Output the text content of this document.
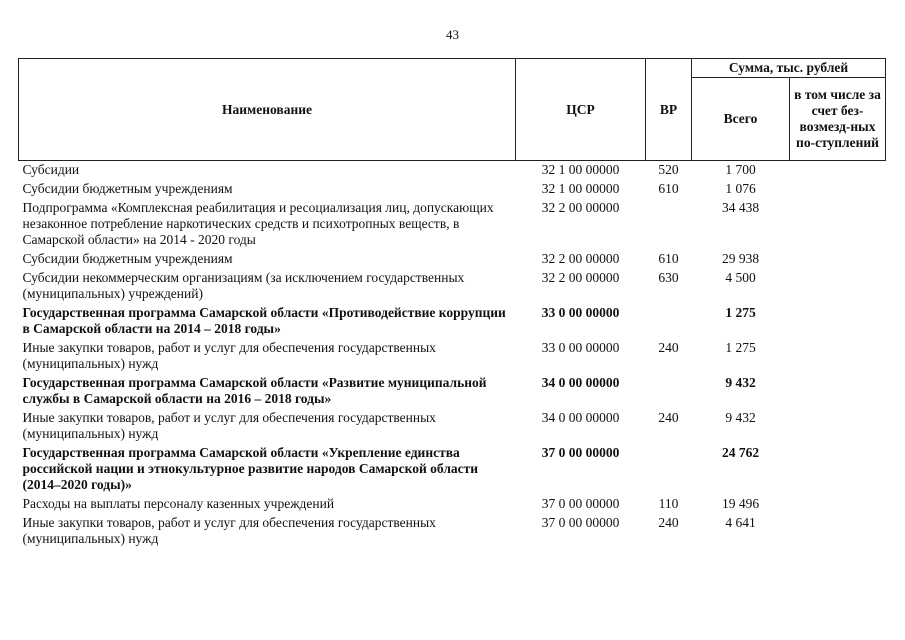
43
Наименование	ЦСР	ВР	Сумма, тыс. рублей	
			Всего	в том числе за счет без-возмезд-ных по-ступлений
Субсидии	32 1 00 00000	520	1 700	
Субсидии бюджетным учреждениям	32 1 00 00000	610	1 076	
Подпрограмма «Комплексная реабилитация и ресоциализация лиц, допускающих незаконное потребление наркотических средств и психотропных веществ, в Самарской области» на 2014 - 2020 годы	32 2 00 00000		34 438	
Субсидии бюджетным учреждениям	32 2 00 00000	610	29 938	
Субсидии некоммерческим организациям (за исключением государственных (муниципальных) учреждений)	32 2 00 00000	630	4 500	
Государственная программа Самарской области «Противодействие коррупции в Самарской области на 2014 – 2018 годы»	33 0 00 00000		1 275	
Иные закупки товаров, работ и услуг для обеспечения государственных (муниципальных) нужд	33 0 00 00000	240	1 275	
Государственная программа Самарской области «Развитие муниципальной службы в Самарской области на 2016 – 2018 годы»	34 0 00 00000		9 432	
Иные закупки товаров, работ и услуг для обеспечения государственных (муниципальных) нужд	34 0 00 00000	240	9 432	
Государственная программа Самарской области «Укрепление единства российской нации и этнокультурное развитие народов Самарской области (2014–2020 годы)»	37 0 00 00000		24 762	
Расходы на выплаты персоналу казенных учреждений	37 0 00 00000	110	19 496	
Иные закупки товаров, работ и услуг для обеспечения государственных (муниципальных) нужд	37 0 00 00000	240	4 641	
